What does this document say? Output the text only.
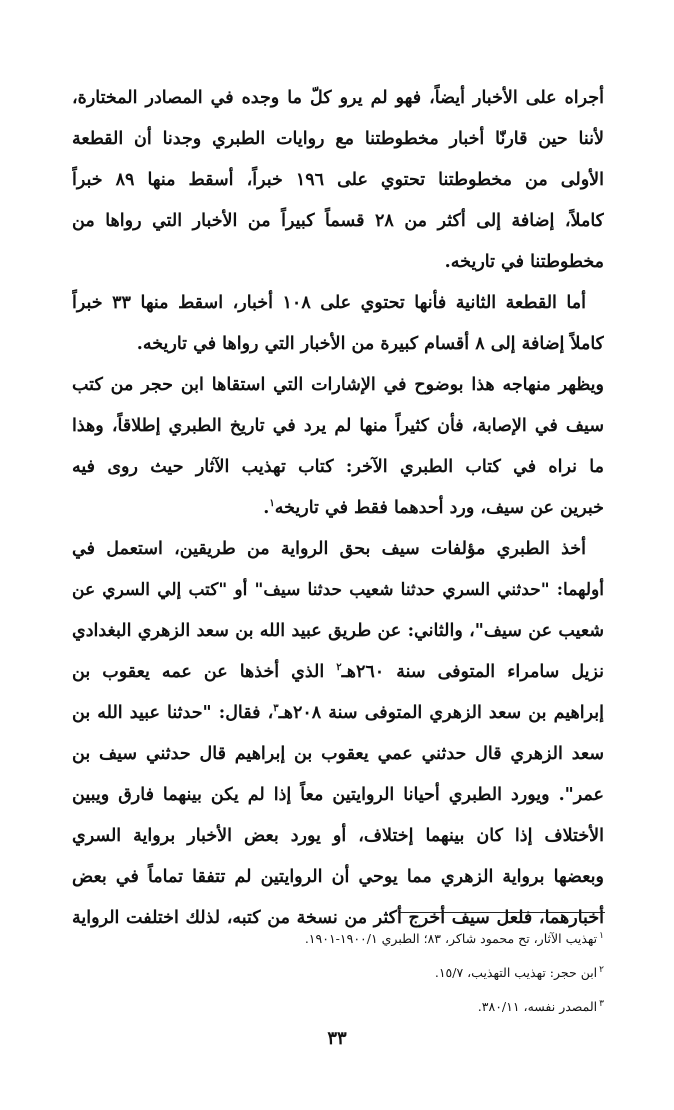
أجراه على الأخبار أيضاً، فهو لم يرو كلّ ما وجده في المصادر المختارة،
لأننا حين قارنّا أخبار مخطوطتنا مع روايات الطبري وجدنا أن القطعة
الأولى من مخطوطتنا تحتوي على ١٩٦ خبراً، أسقط منها ٨٩ خبراً
كاملاً، إضافة إلى أكثر من ٢٨ قسماً كبيراً من الأخبار التي رواها من
مخطوطتنا في تاريخه.
أما القطعة الثانية فأنها تحتوي على ١٠٨ أخبار، اسقط منها ٣٣ خبراً
كاملاً إضافة إلى ٨ أقسام كبيرة من الأخبار التي رواها في تاريخه.
ويظهر منهاجه هذا بوضوح في الإشارات التي استقاها ابن حجر من كتب
سيف في الإصابة، فأن كثيراً منها لم يرد في تاريخ الطبري إطلاقاً، وهذا
ما نراه في كتاب الطبري الآخر: كتاب تهذيب الآثار حيث روى فيه
خبرين عن سيف، ورد أحدهما فقط في تاريخه$^١$.
أخذ الطبري مؤلفات سيف بحق الرواية من طريقين، استعمل في
أولهما: "حدثني السري حدثنا شعيب حدثنا سيف" أو "كتب إلي السري عن
شعيب عن سيف"، والثاني: عن طريق عبيد الله بن سعد الزهري البغدادي
نزيل سامراء المتوفى سنة ٢٦٠هـ$^٢$ الذي أخذها عن عمه يعقوب بن
إبراهيم بن سعد الزهري المتوفى سنة ٢٠٨هـ$^٣$، فقال: "حدثنا عبيد الله بن
سعد الزهري قال حدثني عمي يعقوب بن إبراهيم قال حدثني سيف بن
عمر". ويورد الطبري أحيانا الروايتين معاً إذا لم يكن بينهما فارق ويبين
الأختلاف إذا كان بينهما إختلاف، أو يورد بعض الأخبار برواية السري
وبعضها برواية الزهري مما يوحي أن الروايتين لم تتفقا تماماً في بعض
أخبارهما، فلعل سيف أخرج أكثر من نسخة من كتبه، لذلك اختلفت الرواية
$^١$تهذيب الآثار، تح محمود شاكر، ٨٣؛ الطبري ١٩٠٠/١-١٩٠١.
$^٢$ابن حجر: تهذيب التهذيب، ١٥/٧.
$^٣$المصدر نفسه، ٣٨٠/١١.
٣٣
